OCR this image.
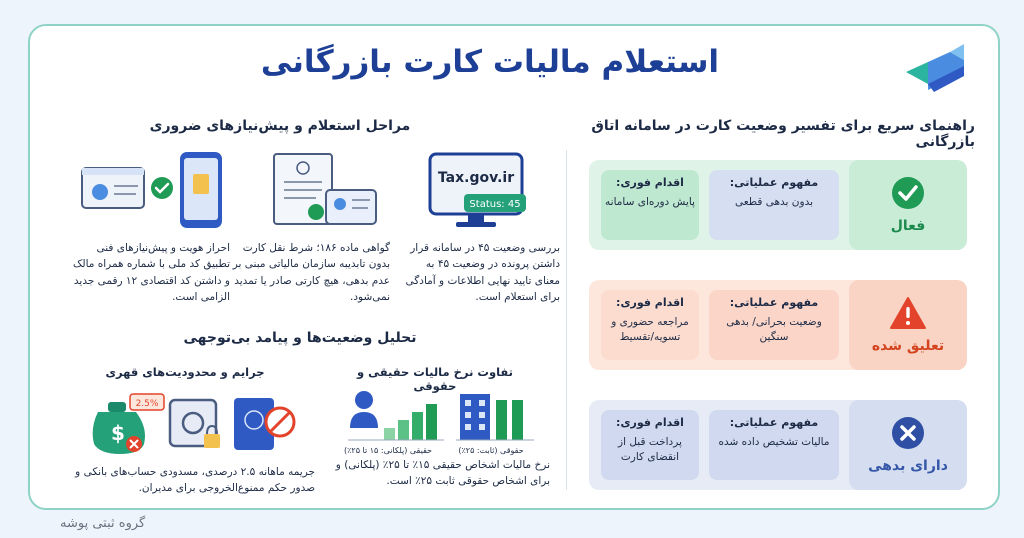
استعلام مالیات کارت بازرگانی
راهنمای سریع برای تفسیر وضعیت کارت در سامانه اتاق بازرگانی
فعال
مفهوم عملیاتی:
بدون بدهی قطعی
اقدام فوری:
پایش دوره‌ای سامانه
تعلیق شده
مفهوم عملیاتی:
وضعیت بحرانی/ بدهی سنگین
اقدام فوری:
مراجعه حضوری و تسویه/تقسیط
دارای بدهی
مفهوم عملیاتی:
مالیات تشخیص داده شده
اقدام فوری:
پرداخت قبل از انقضای کارت
مراحل استعلام و پیش‌نیازهای ضروری
Tax.gov.ir
Status: 45
بررسی وضعیت ۴۵ در سامانه قرار داشتن پرونده در وضعیت ۴۵ به معنای تایید نهایی اطلاعات و آمادگی برای استعلام است.
گواهی ماده ۱۸۶؛ شرط نقل کارت بدون تابدیبه سازمان مالیاتی مبنی بر عدم بدهی، هیچ کارتی صادر یا تمدید نمی‌شود.
احراز هویت و پیش‌نیازهای فنی تطبیق کد ملی با شماره همراه مالک و داشتن کد اقتصادی ۱۲ رقمی جدید الزامی است.
تحلیل وضعیت‌ها و پیامد بی‌توجهی
تفاوت نرخ مالیات حقیقی و حقوقی
جرایم و محدودیت‌های قهری
حقیقی (پلکانی: ۱۵ تا ۲۵٪)	حقوقی (ثابت: ۲۵٪)
نرخ مالیات اشخاص حقیقی ۱۵٪ تا ۲۵٪ (پلکانی) و برای اشخاص حقوقی ثابت ۲۵٪ است.
$
2.5%
جریمه ماهانه ۲.۵ درصدی، مسدودی حساب‌های بانکی و صدور حکم ممنوع‌الخروجی برای مدیران.
گروه ثبتی پوشه
